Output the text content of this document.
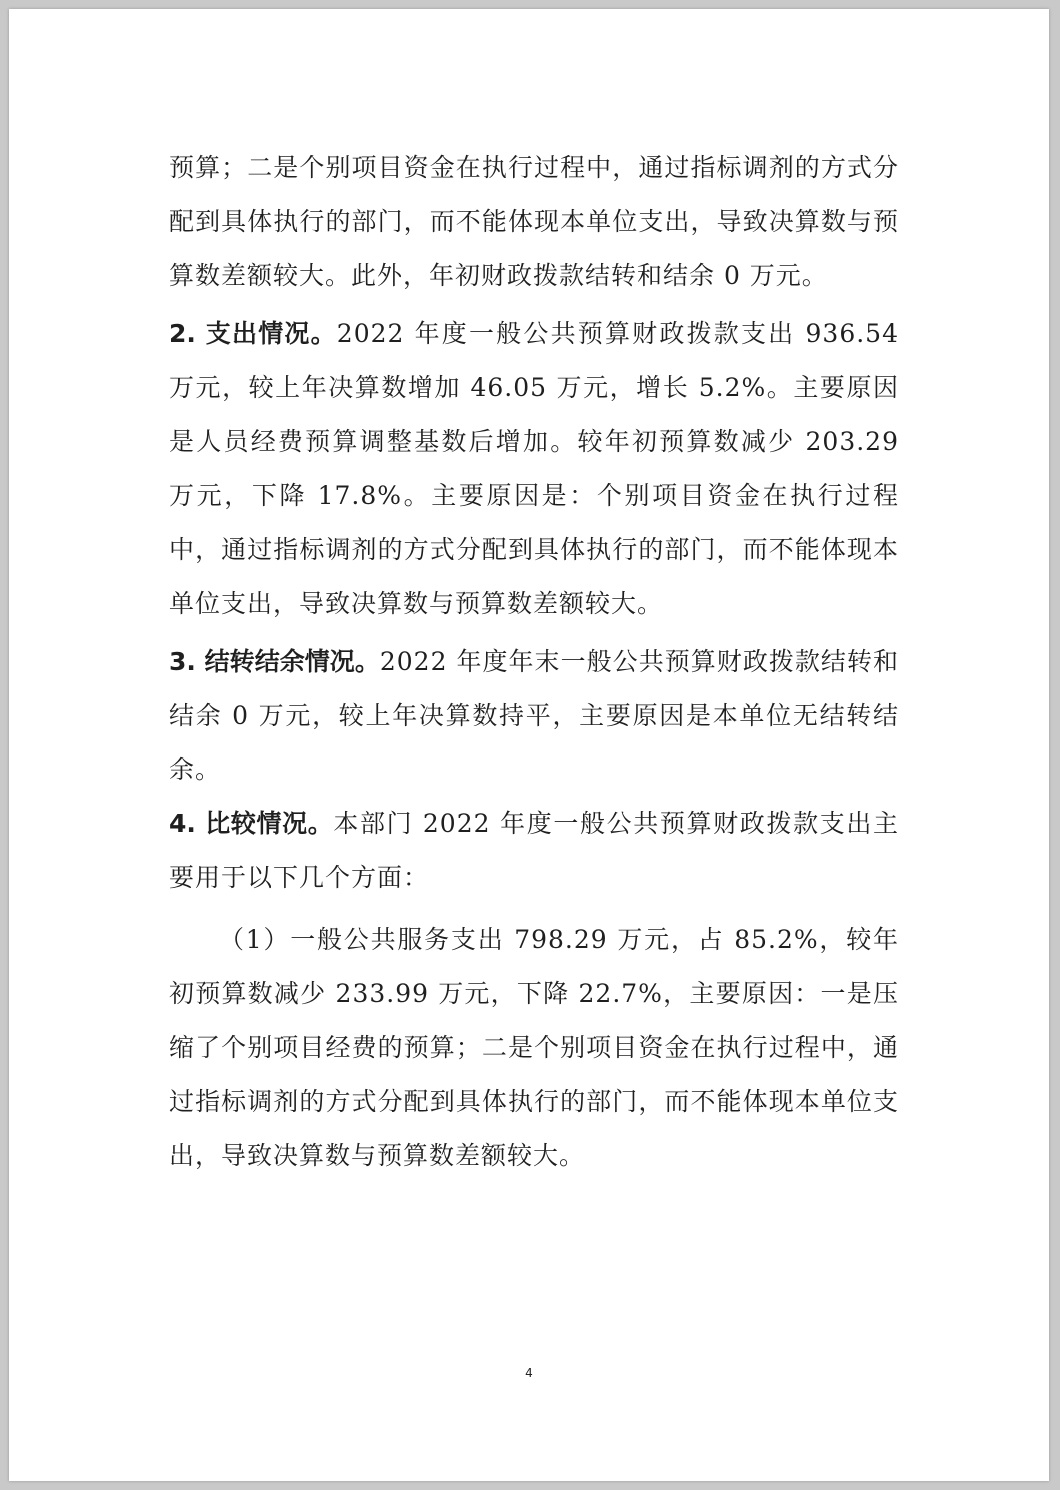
预算；二是个别项目资金在执行过程中，通过指标调剂的方式分配到具体执行的部门，而不能体现本单位支出，导致决算数与预算数差额较大。此外，年初财政拨款结转和结余 0 万元。

2. 支出情况。2022 年度一般公共预算财政拨款支出 936.54 万元，较上年决算数增加 46.05 万元，增长 5.2%。主要原因是人员经费预算调整基数后增加。较年初预算数减少 203.29 万元，下降 17.8%。主要原因是：个别项目资金在执行过程中，通过指标调剂的方式分配到具体执行的部门，而不能体现本单位支出，导致决算数与预算数差额较大。

3. 结转结余情况。2022 年度年末一般公共预算财政拨款结转和结余 0 万元，较上年决算数持平，主要原因是本单位无结转结余。

4. 比较情况。本部门 2022 年度一般公共预算财政拨款支出主要用于以下几个方面：

（1）一般公共服务支出 798.29 万元，占 85.2%，较年初预算数减少 233.99 万元，下降 22.7%，主要原因：一是压缩了个别项目经费的预算；二是个别项目资金在执行过程中，通过指标调剂的方式分配到具体执行的部门，而不能体现本单位支出，导致决算数与预算数差额较大。

4
